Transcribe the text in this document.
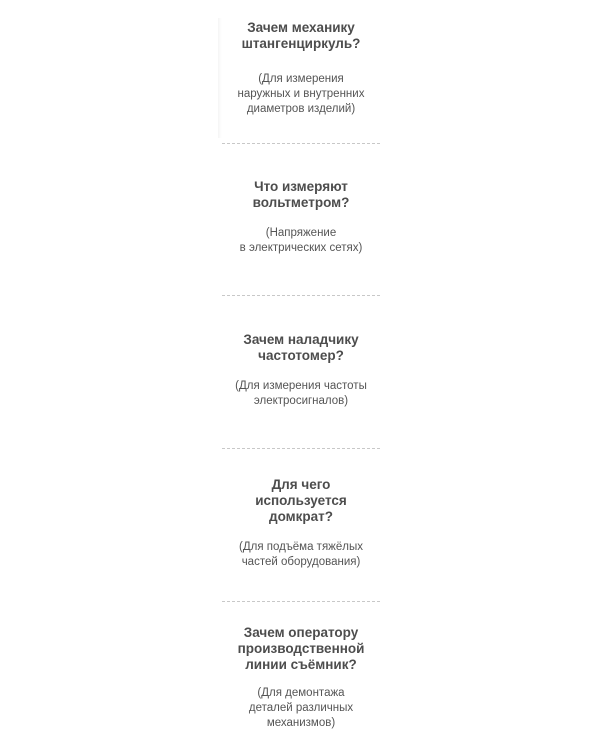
Зачем механику
штангенциркуль?

(Для измерения
наружных и внутренних
диаметров изделий)

Что измеряют
вольтметром?

(Напряжение
в электрических сетях)

Зачем наладчику
частотомер?

(Для измерения частоты
электросигналов)

Для чего
используется
домкрат?

(Для подъёма тяжёлых
частей оборудования)

Зачем оператору
производственной
линии съёмник?

(Для демонтажа
деталей различных
механизмов)
